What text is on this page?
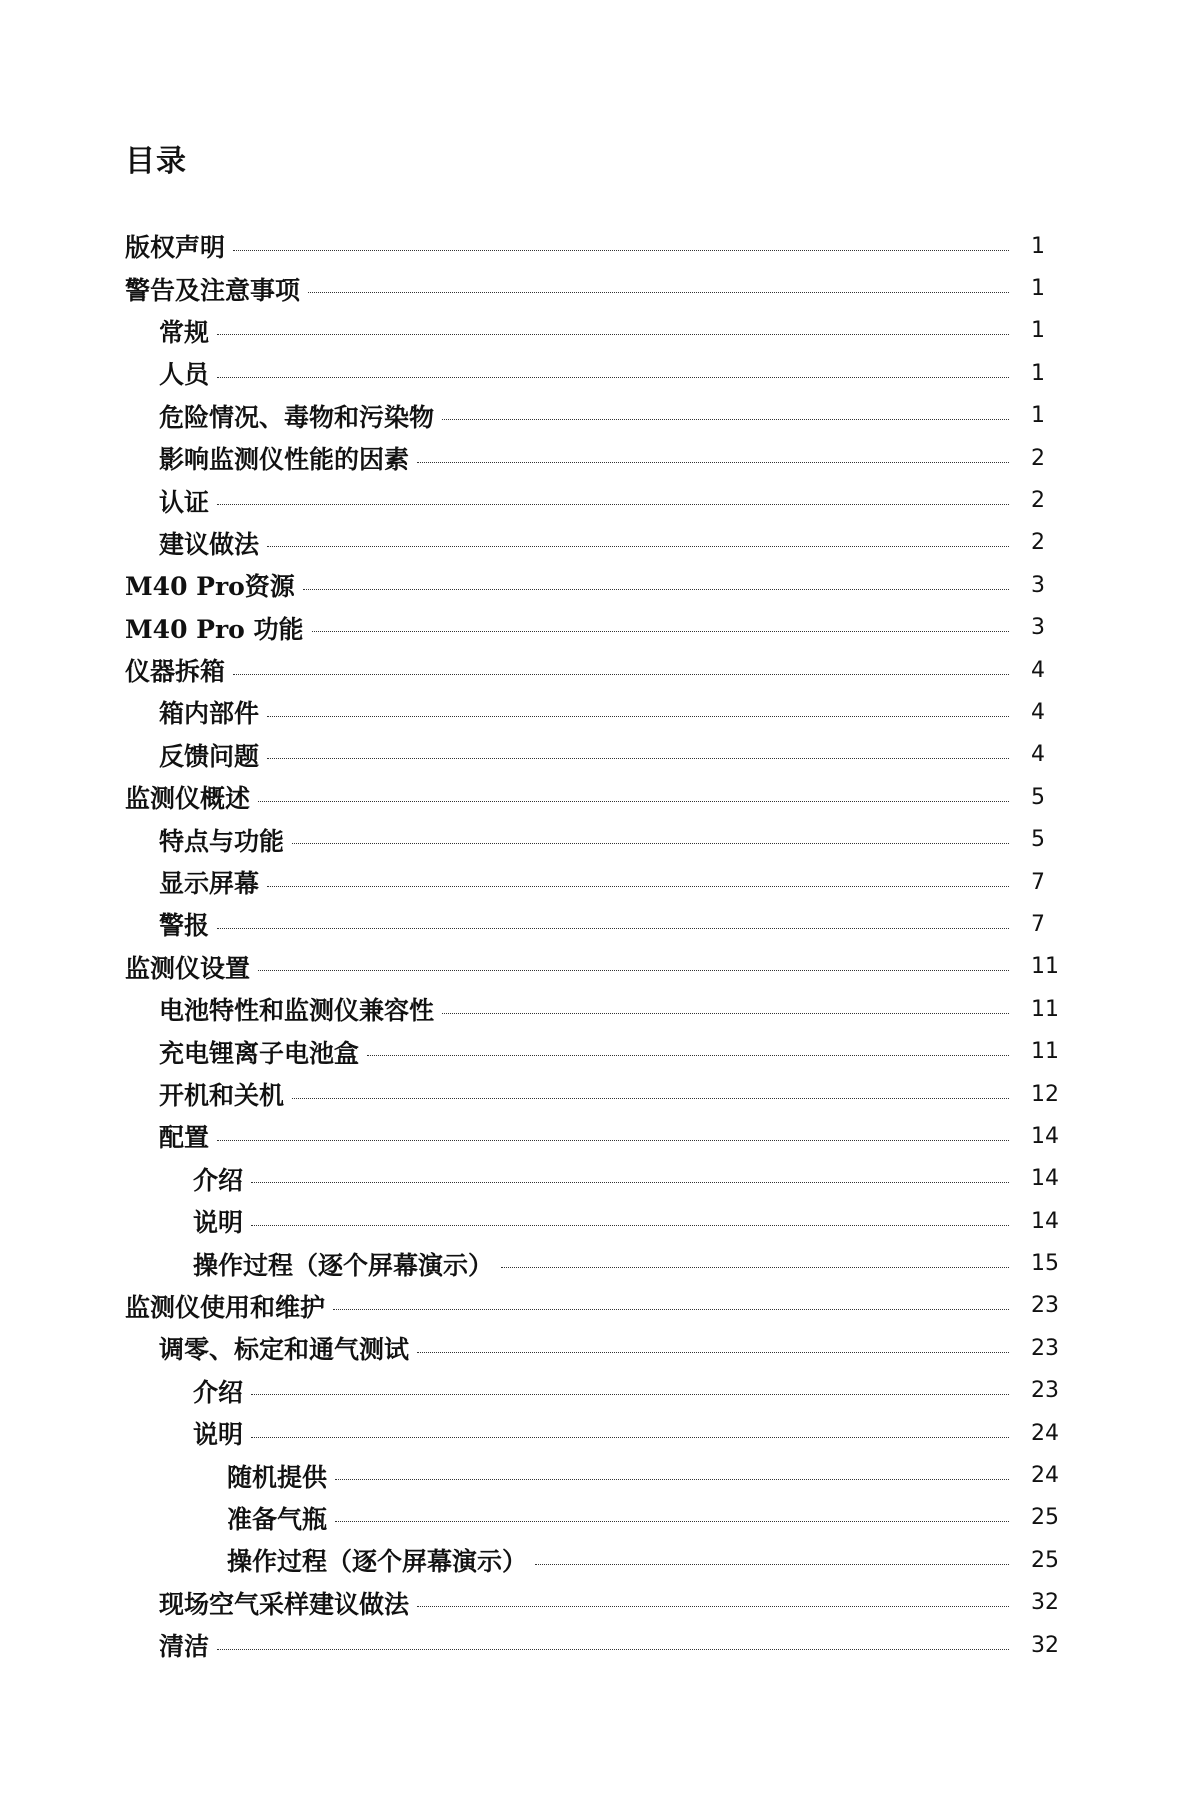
目录
版权声明	1
警告及注意事项	1
常规	1
人员	1
危险情况、毒物和污染物	1
影响监测仪性能的因素	2
认证	2
建议做法	2
M40 Pro资源	3
M40 Pro 功能	3
仪器拆箱	4
箱内部件	4
反馈问题	4
监测仪概述	5
特点与功能	5
显示屏幕	7
警报	7
监测仪设置	11
电池特性和监测仪兼容性	11
充电锂离子电池盒	11
开机和关机	12
配置	14
介绍	14
说明	14
操作过程（逐个屏幕演示）	15
监测仪使用和维护	23
调零、标定和通气测试	23
介绍	23
说明	24
随机提供	24
准备气瓶	25
操作过程（逐个屏幕演示）	25
现场空气采样建议做法	32
清洁	32
